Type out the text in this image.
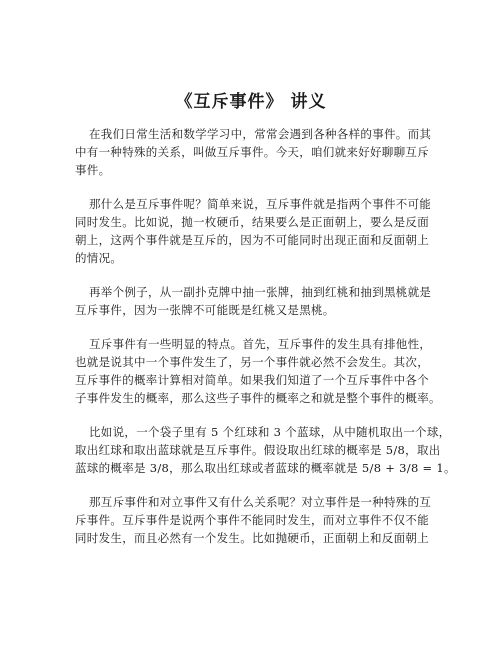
《互斥事件》 讲义
在我们日常生活和数学学习中，常常会遇到各种各样的事件。而其
中有一种特殊的关系，叫做互斥事件。今天，咱们就来好好聊聊互斥
事件。
那什么是互斥事件呢？简单来说，互斥事件就是指两个事件不可能
同时发生。比如说，抛一枚硬币，结果要么是正面朝上，要么是反面
朝上，这两个事件就是互斥的，因为不可能同时出现正面和反面朝上
的情况。
再举个例子，从一副扑克牌中抽一张牌，抽到红桃和抽到黑桃就是
互斥事件，因为一张牌不可能既是红桃又是黑桃。
互斥事件有一些明显的特点。首先，互斥事件的发生具有排他性，
也就是说其中一个事件发生了，另一个事件就必然不会发生。其次，
互斥事件的概率计算相对简单。如果我们知道了一个互斥事件中各个
子事件发生的概率，那么这些子事件的概率之和就是整个事件的概率。
比如说，一个袋子里有 5 个红球和 3 个蓝球，从中随机取出一个球，
取出红球和取出蓝球就是互斥事件。假设取出红球的概率是 5/8，取出
蓝球的概率是 3/8，那么取出红球或者蓝球的概率就是 5/8 + 3/8 = 1。
那互斥事件和对立事件又有什么关系呢？对立事件是一种特殊的互
斥事件。互斥事件是说两个事件不能同时发生，而对立事件不仅不能
同时发生，而且必然有一个发生。比如抛硬币，正面朝上和反面朝上
